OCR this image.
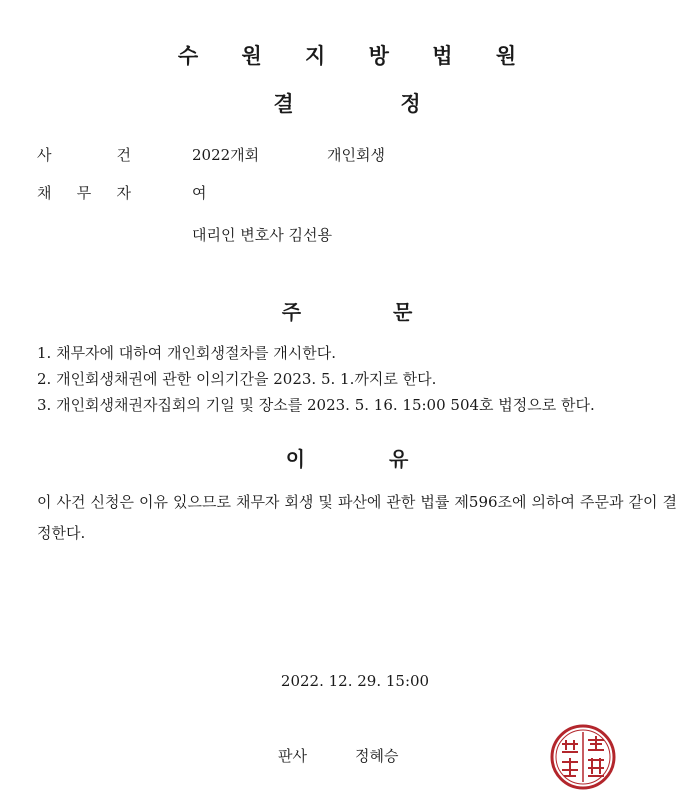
수 원 지 방 법 원
결	정
사	건	2022개회	개인회생
채 무 자	여
대리인 변호사 김선용
주	문
1. 채무자에 대하여 개인회생절차를 개시한다.
2. 개인회생채권에 관한 이의기간을 2023. 5. 1.까지로 한다.
3. 개인회생채권자집회의 기일 및 장소를 2023. 5. 16. 15:00 504호 법정으로 한다.
이	유

이 사건 신청은 이유 있으므로 채무자 회생 및 파산에 관한 법률 제596조에 의하여 주문과 같이 결정한다.

2022. 12. 29. 15:00
판사	정혜승
